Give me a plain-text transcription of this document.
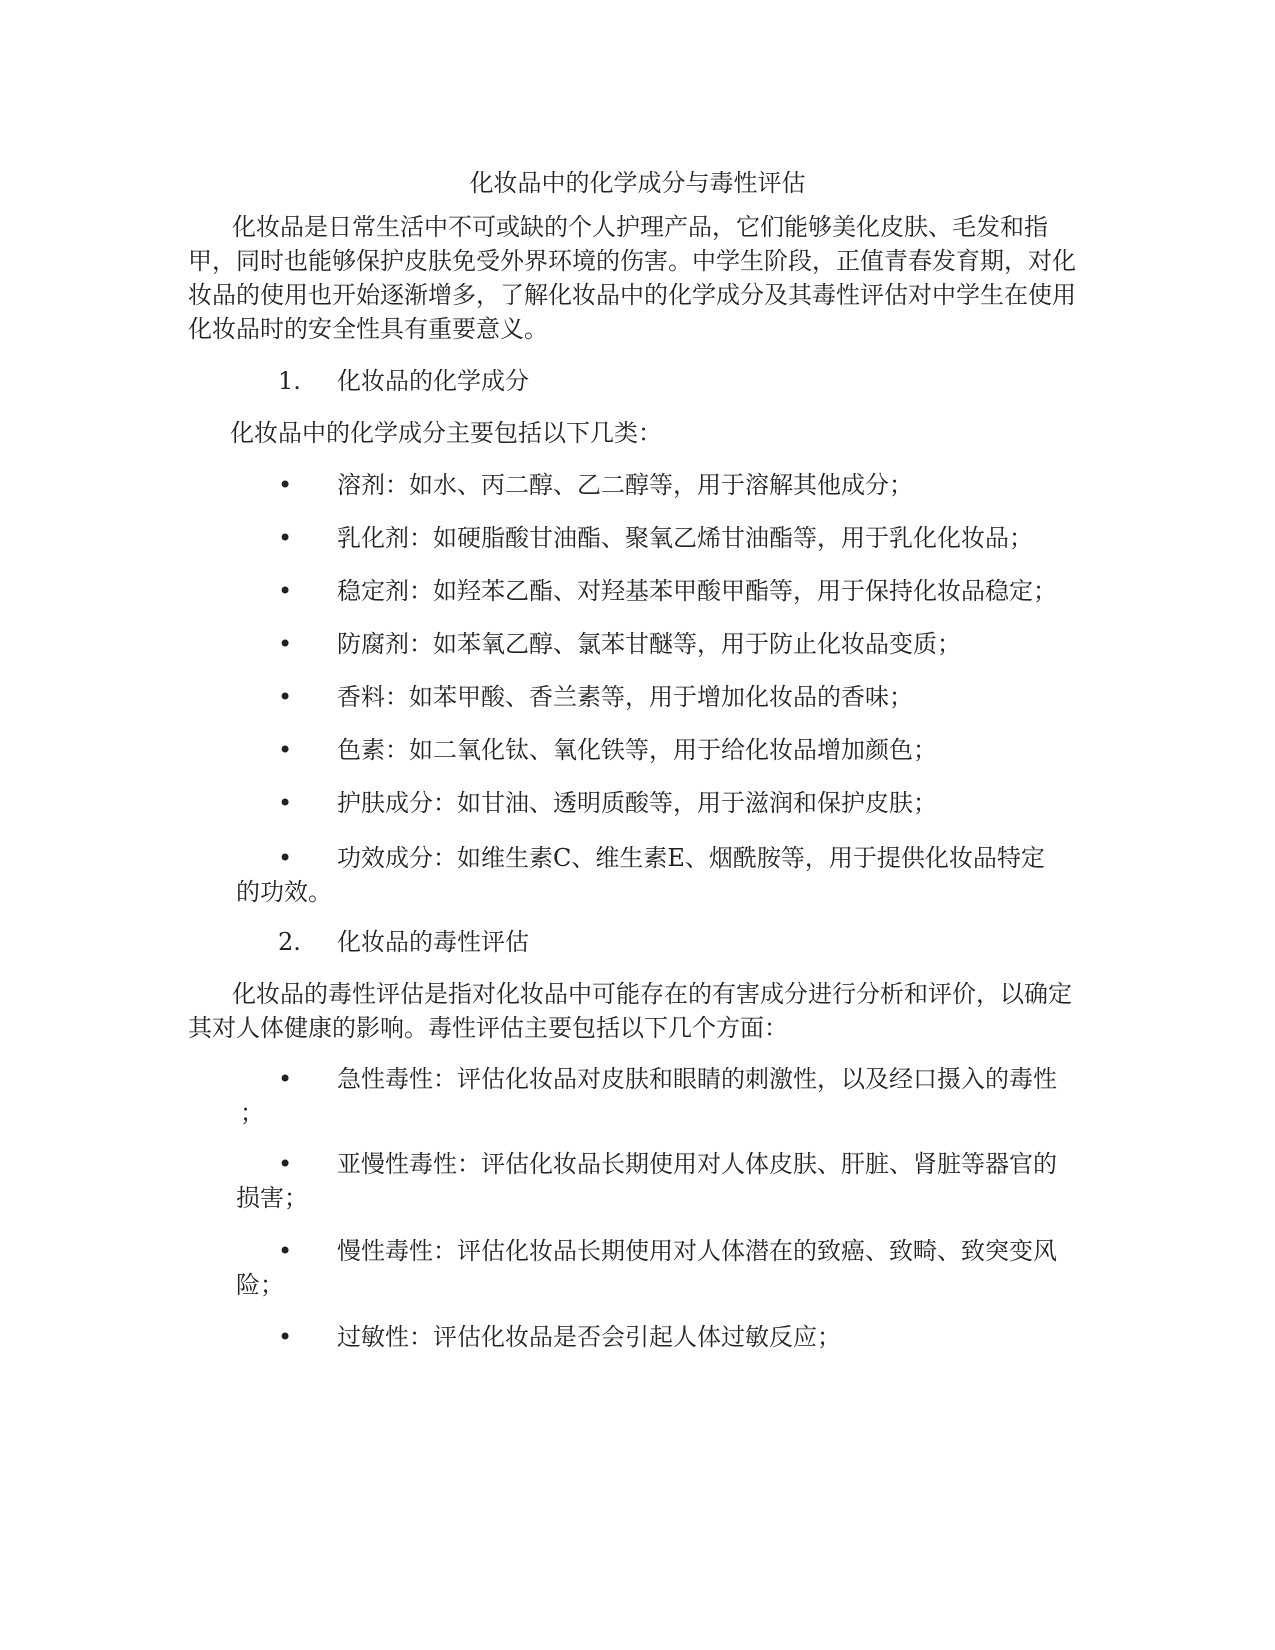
化妆品中的化学成分与毒性评估

化妆品是日常生活中不可或缺的个人护理产品，它们能够美化皮肤、毛发和指甲，同时也能够保护皮肤免受外界环境的伤害。中学生阶段，正值青春发育期，对化妆品的使用也开始逐渐增多，了解化妆品中的化学成分及其毒性评估对中学生在使用化妆品时的安全性具有重要意义。

1. 化妆品的化学成分

化妆品中的化学成分主要包括以下几类：

•	溶剂：如水、丙二醇、乙二醇等，用于溶解其他成分；
•	乳化剂：如硬脂酸甘油酯、聚氧乙烯甘油酯等，用于乳化化妆品；
•	稳定剂：如羟苯乙酯、对羟基苯甲酸甲酯等，用于保持化妆品稳定；
•	防腐剂：如苯氧乙醇、氯苯甘醚等，用于防止化妆品变质；
•	香料：如苯甲酸、香兰素等，用于增加化妆品的香味；
•	色素：如二氧化钛、氧化铁等，用于给化妆品增加颜色；
•	护肤成分：如甘油、透明质酸等，用于滋润和保护皮肤；
• 功效成分：如维生素C、维生素E、烟酰胺等，用于提供化妆品特定
的功效。
2. 化妆品的毒性评估

化妆品的毒性评估是指对化妆品中可能存在的有害成分进行分析和评价，以确定其对人体健康的影响。毒性评估主要包括以下几个方面：

• 急性毒性：评估化妆品对皮肤和眼睛的刺激性，以及经口摄入的毒性
；
• 亚慢性毒性：评估化妆品长期使用对人体皮肤、肝脏、肾脏等器官的
损害；
• 慢性毒性：评估化妆品长期使用对人体潜在的致癌、致畸、致突变风
险；
•	过敏性：评估化妆品是否会引起人体过敏反应；
